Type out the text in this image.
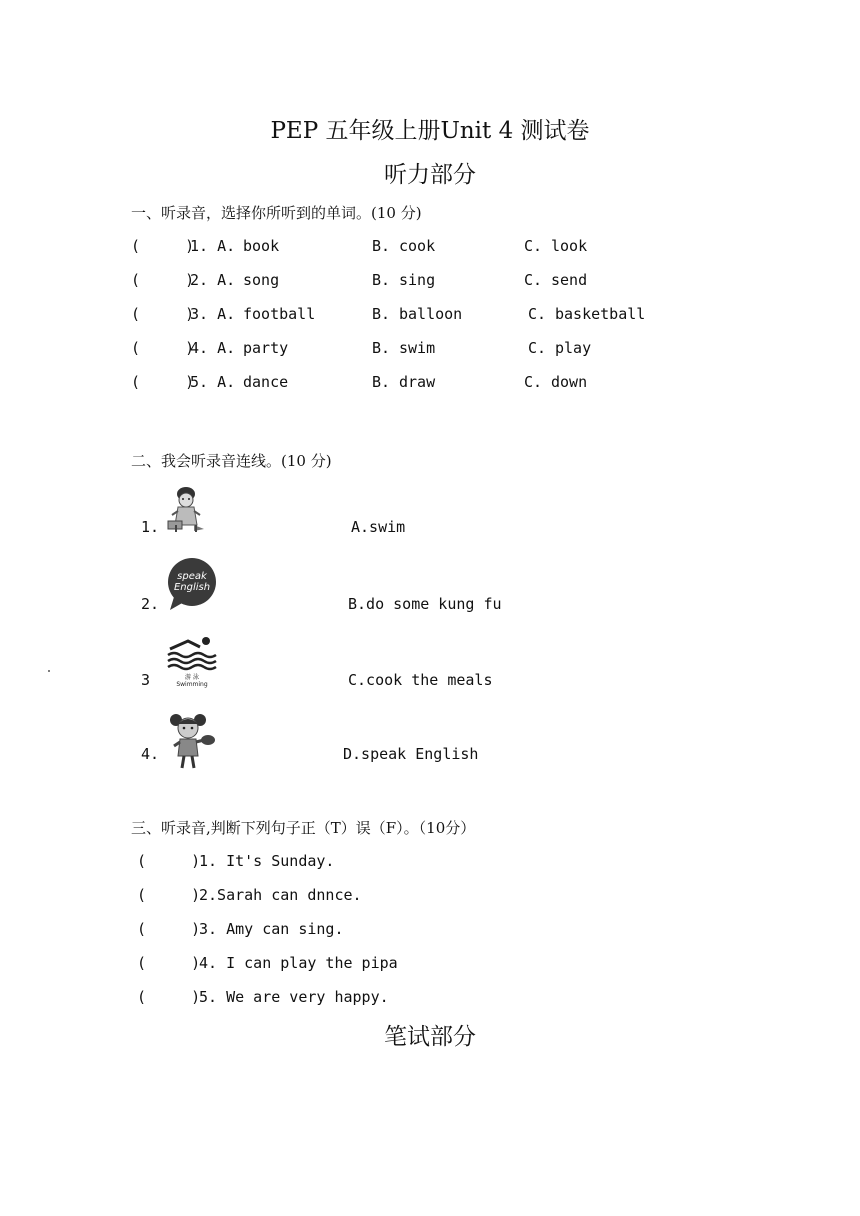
PEP 五年级上册Unit 4 测试卷
听力部分
一、听录音，选择你所听到的单词。(10 分)
(     )
1. A. book	B. cook	C. look
(     )
2. A. song	B. sing	C. send
(     )
3. A. football	B. balloon	C. basketball
(     )
4. A. party	B. swim	C. play
(     )
5. A. dance	B. draw	C. down
二、我会听录音连线。(10 分)
1.	A.swim
2.
speak
English
B.do some kung fu
3	游 泳
Swimming	C.cook the meals
4.	D.speak English
三、听录音,判断下列句子正（T）误（F）。（10分）
(     )
1. It's Sunday.
(     )
2.Sarah can dnnce.
(     )
3. Amy can sing.
(     )
4. I can play the pipa
(     )
5. We are very happy.
笔试部分
